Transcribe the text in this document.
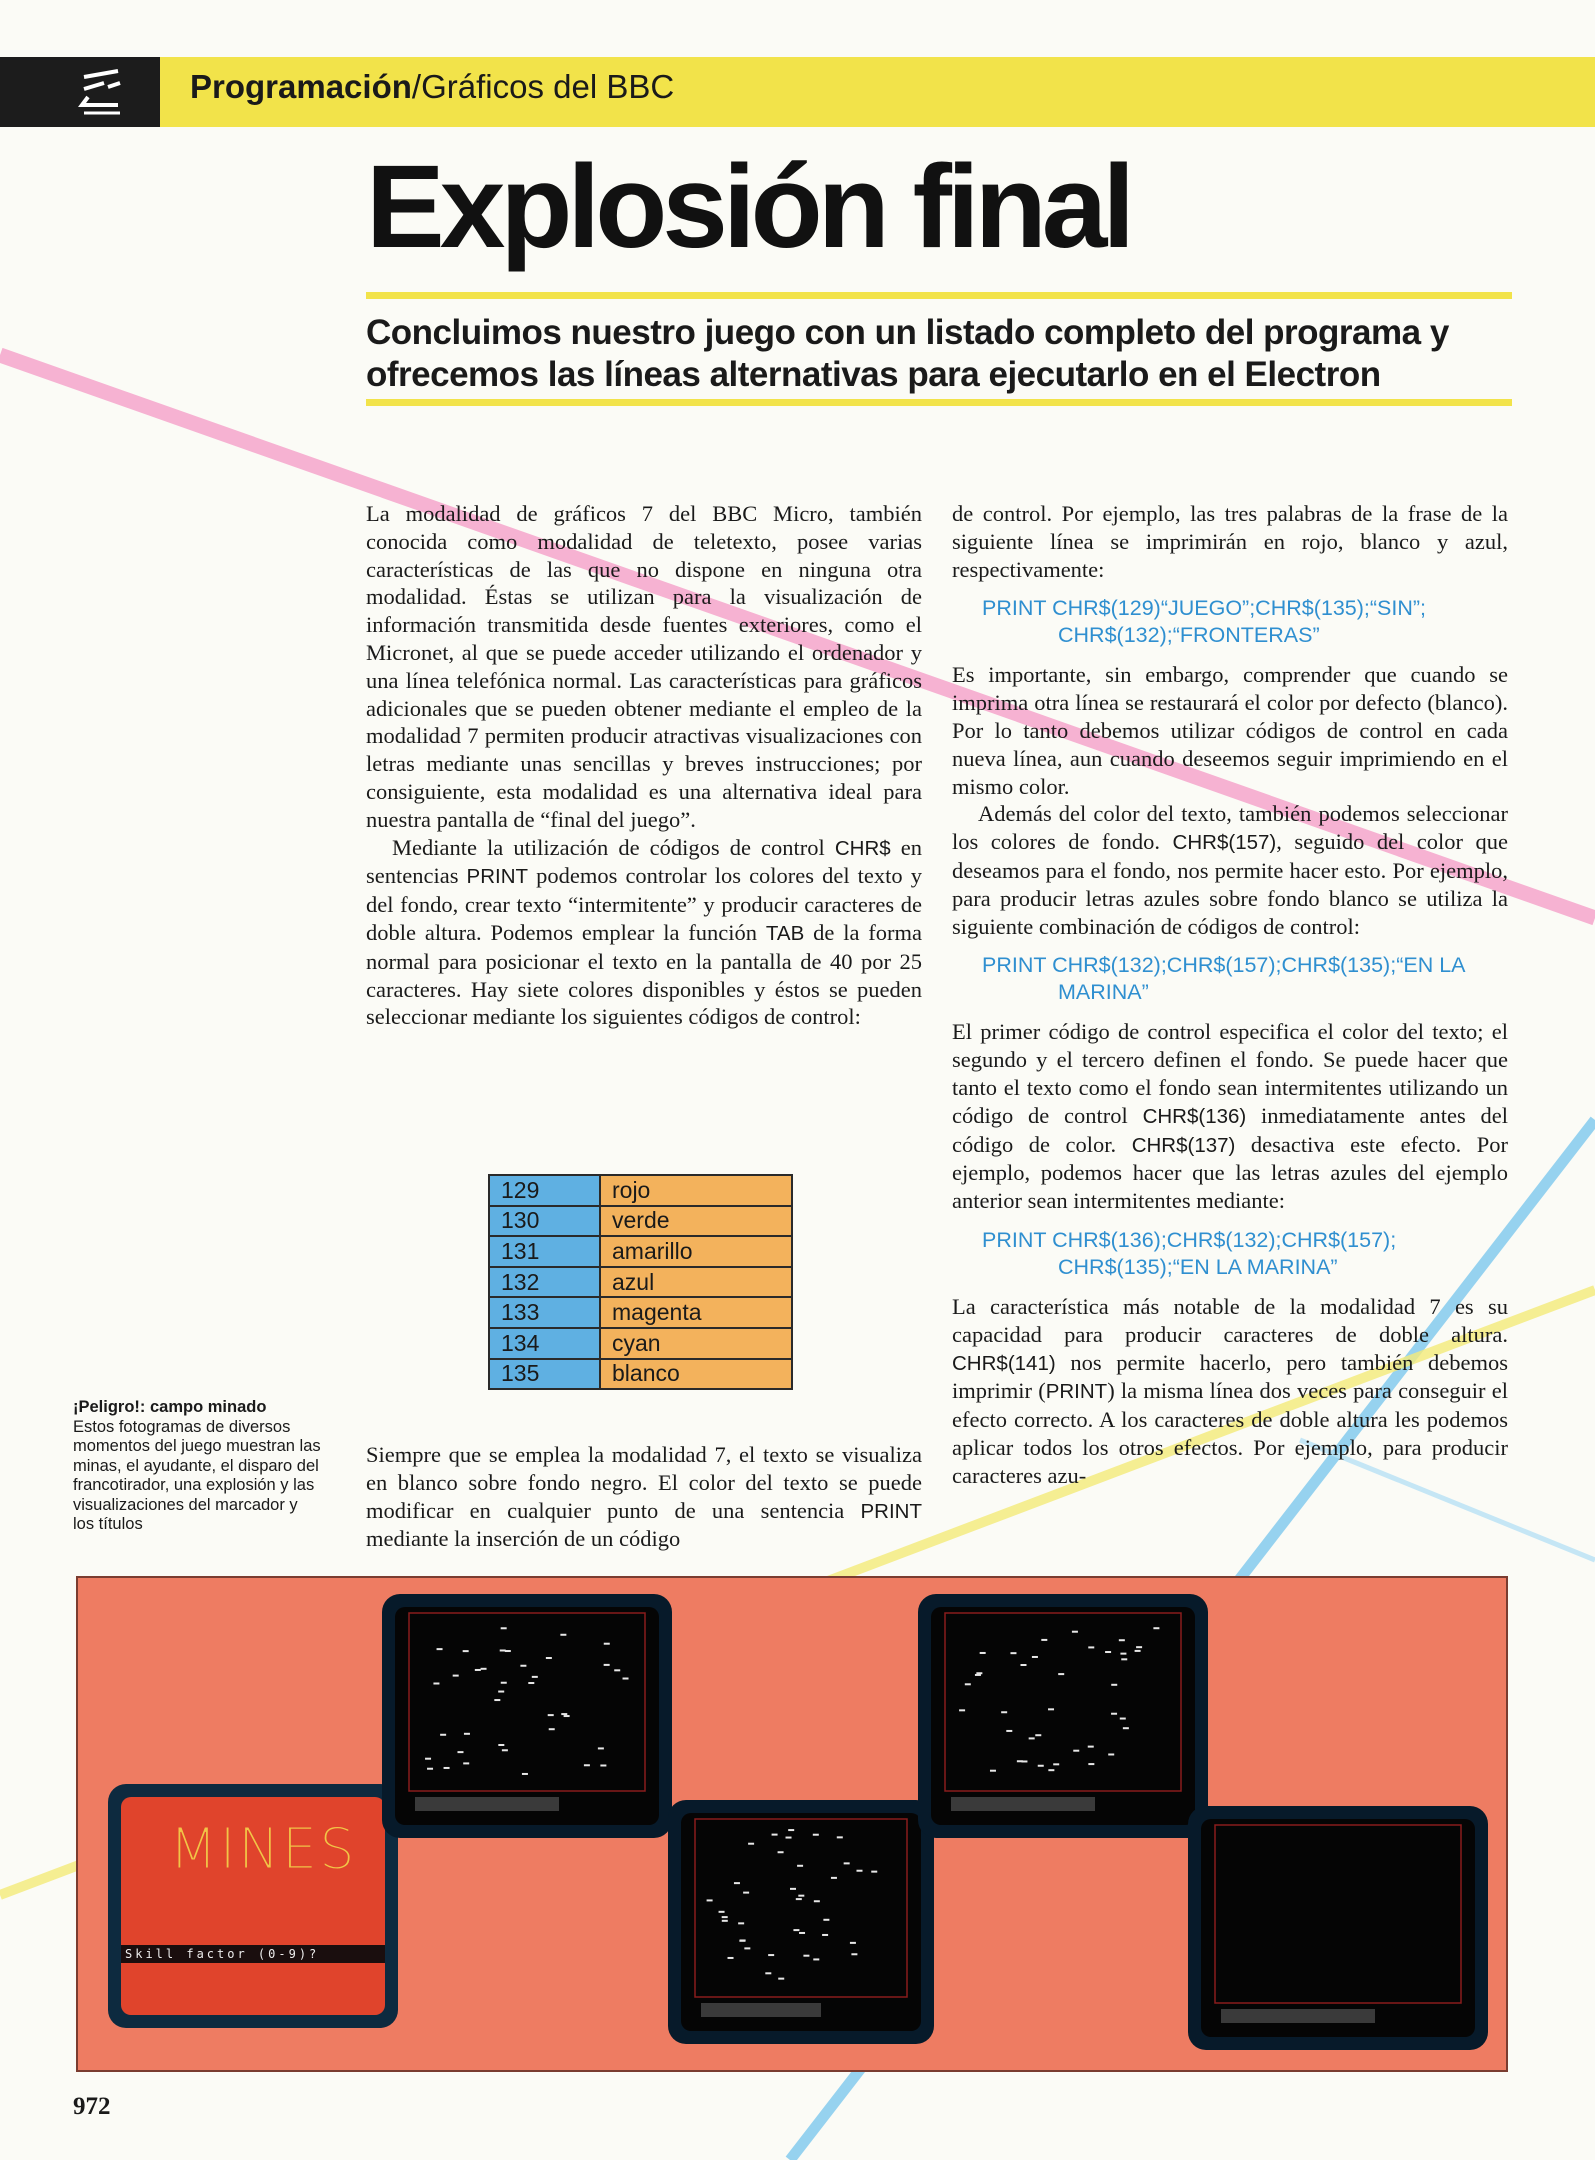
Programación/Gráficos del BBC
Explosión final
Concluimos nuestro juego con un listado completo del programa y ofrecemos las líneas alternativas para ejecutarlo en el Electron

La modalidad de gráficos 7 del BBC Micro, también conocida como modalidad de teletexto, posee varias características de las que no dispone en ninguna otra modalidad. Éstas se utilizan para la visualización de información transmitida desde fuentes exteriores, como el Micronet, al que se puede acceder utilizando el ordenador y una línea telefónica normal. Las características para gráficos adicionales que se pueden obtener mediante el empleo de la modalidad 7 permiten producir atractivas visualizaciones con letras mediante unas sencillas y breves instrucciones; por consiguiente, esta modalidad es una alternativa ideal para nuestra pantalla de “final del juego”.

Mediante la utilización de códigos de control CHR$ en sentencias PRINT podemos controlar los colores del texto y del fondo, crear texto “intermitente” y producir caracteres de doble altura. Podemos emplear la función TAB de la forma normal para posicionar el texto en la pantalla de 40 por 25 caracteres. Hay siete colores disponibles y éstos se pueden seleccionar mediante los siguientes códigos de control:

129	rojo
130	verde
131	amarillo
132	azul
133	magenta
134	cyan
135	blanco

Siempre que se emplea la modalidad 7, el texto se visualiza en blanco sobre fondo negro. El color del texto se puede modificar en cualquier punto de una sentencia PRINT mediante la inserción de un código

¡Peligro!: campo minado
Estos fotogramas de diversos momentos del juego muestran las minas, el ayudante, el disparo del francotirador, una explosión y las visualizaciones del marcador y los títulos

de control. Por ejemplo, las tres palabras de la frase de la siguiente línea se imprimirán en rojo, blanco y azul, respectivamente:

PRINT CHR$(129)“JUEGO”;CHR$(135);“SIN”;
CHR$(132);“FRONTERAS”

Es importante, sin embargo, comprender que cuando se imprima otra línea se restaurará el color por defecto (blanco). Por lo tanto debemos utilizar códigos de control en cada nueva línea, aun cuando deseemos seguir imprimiendo en el mismo color.

Además del color del texto, también podemos seleccionar los colores de fondo. CHR$(157), seguido del color que deseamos para el fondo, nos permite hacer esto. Por ejemplo, para producir letras azules sobre fondo blanco se utiliza la siguiente combinación de códigos de control:

PRINT CHR$(132);CHR$(157);CHR$(135);“EN LA
MARINA”

El primer código de control especifica el color del texto; el segundo y el tercero definen el fondo. Se puede hacer que tanto el texto como el fondo sean intermitentes utilizando un código de control CHR$(136) inmediatamente antes del código de color. CHR$(137) desactiva este efecto. Por ejemplo, podemos hacer que las letras azules del ejemplo anterior sean intermitentes mediante:

PRINT CHR$(136);CHR$(132);CHR$(157);
CHR$(135);“EN LA MARINA”

La característica más notable de la modalidad 7 es su capacidad para producir caracteres de doble altura. CHR$(141) nos permite hacerlo, pero también debemos imprimir (PRINT) la misma línea dos veces para conseguir el efecto correcto. A los caracteres de doble altura les podemos aplicar todos los otros efectos. Por ejemplo, para producir caracteres azu-

MINES
Skill factor (0-9)?
972
